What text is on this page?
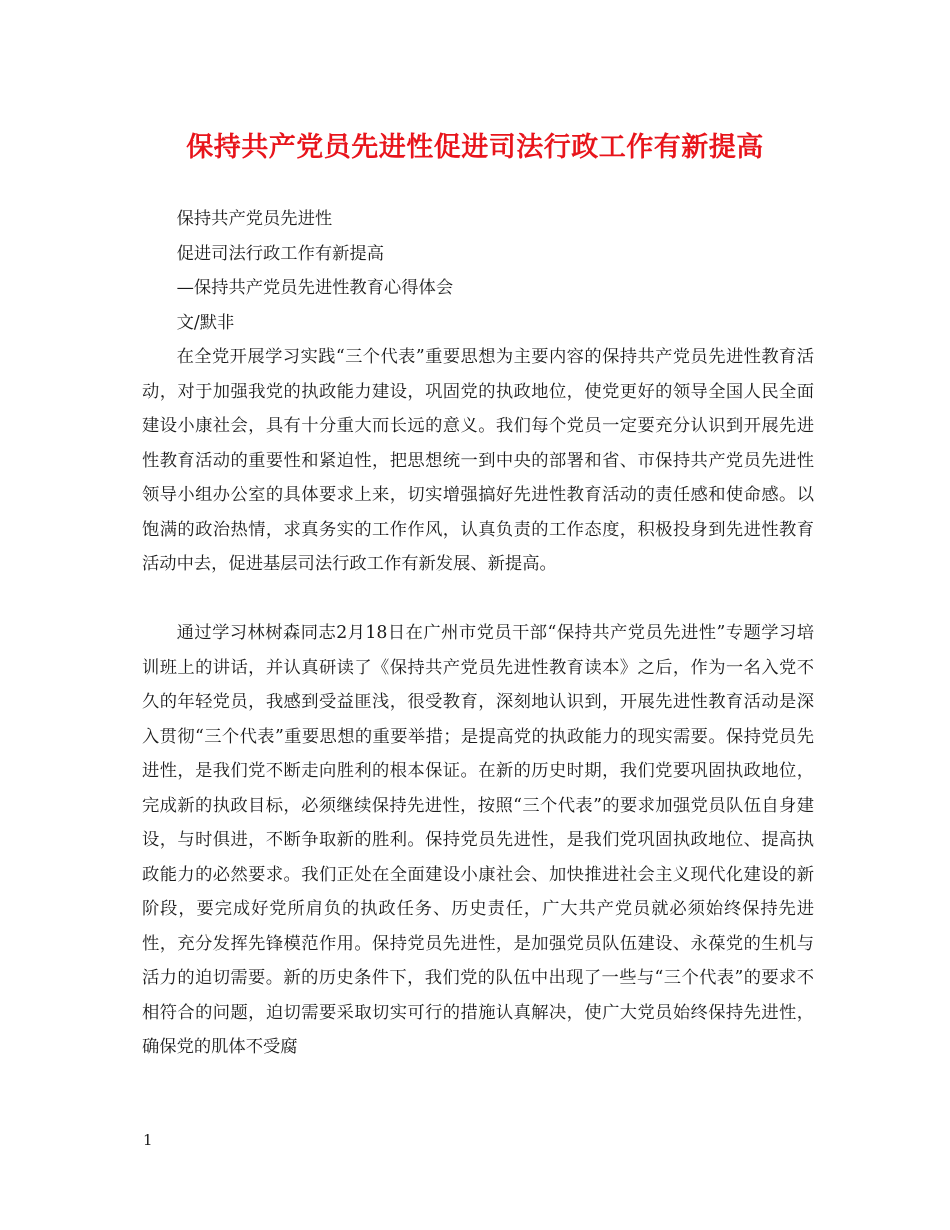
保持共产党员先进性促进司法行政工作有新提高

保持共产党员先进性

促进司法行政工作有新提高

—保持共产党员先进性教育心得体会

文/默非

在全党开展学习实践“三个代表”重要思想为主要内容的保持共产党员先进性教育活动，对于加强我党的执政能力建设，巩固党的执政地位，使党更好的领导全国人民全面建设小康社会，具有十分重大而长远的意义。我们每个党员一定要充分认识到开展先进性教育活动的重要性和紧迫性，把思想统一到中央的部署和省、市保持共产党员先进性领导小组办公室的具体要求上来，切实增强搞好先进性教育活动的责任感和使命感。以饱满的政治热情，求真务实的工作作风，认真负责的工作态度，积极投身到先进性教育活动中去，促进基层司法行政工作有新发展、新提高。

通过学习林树森同志2月18日在广州市党员干部“保持共产党员先进性”专题学习培训班上的讲话，并认真研读了《保持共产党员先进性教育读本》之后，作为一名入党不久的年轻党员，我感到受益匪浅，很受教育，深刻地认识到，开展先进性教育活动是深入贯彻“三个代表”重要思想的重要举措；是提高党的执政能力的现实需要。保持党员先进性，是我们党不断走向胜利的根本保证。在新的历史时期，我们党要巩固执政地位，完成新的执政目标，必须继续保持先进性，按照“三个代表”的要求加强党员队伍自身建设，与时俱进，不断争取新的胜利。保持党员先进性，是我们党巩固执政地位、提高执政能力的必然要求。我们正处在全面建设小康社会、加快推进社会主义现代化建设的新阶段，要完成好党所肩负的执政任务、历史责任，广大共产党员就必须始终保持先进性，充分发挥先锋模范作用。保持党员先进性，是加强党员队伍建设、永葆党的生机与活力的迫切需要。新的历史条件下，我们党的队伍中出现了一些与“三个代表”的要求不相符合的问题，迫切需要采取切实可行的措施认真解决，使广大党员始终保持先进性，确保党的肌体不受腐

1
